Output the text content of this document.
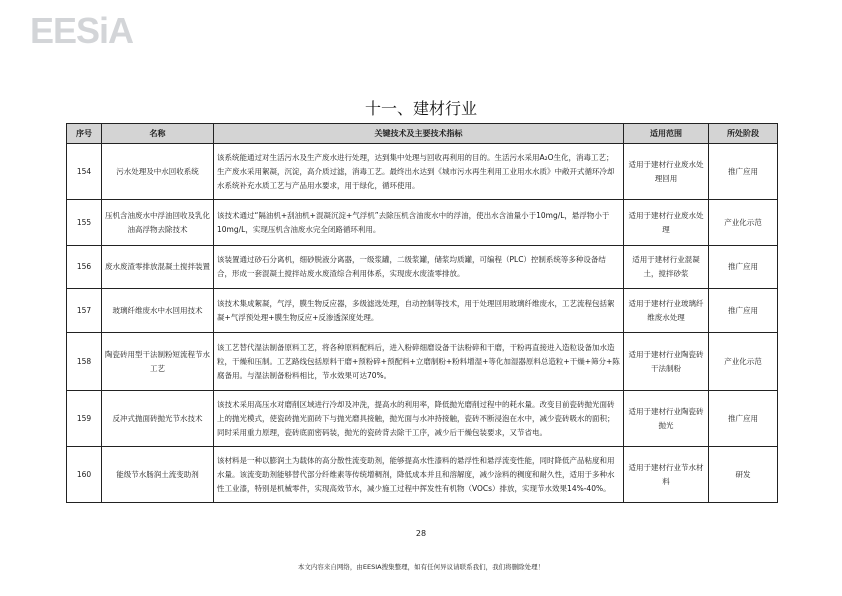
EESiA
十一、建材行业
序号	名称	关键技术及主要技术指标	适用范围	所处阶段
154	污水处理及中水回收系统	该系统能通过对生活污水及生产废水进行处理，达到集中处理与回收再利用的目的。生活污水采用A₂O生化，消毒工艺；生产废水采用絮凝，沉淀，高介质过滤，消毒工艺。最终出水达到《城市污水再生利用工业用水水质》中敞开式循环冷却水系统补充水质工艺与产品用水要求，用于绿化，循环使用。	适用于建材行业废水处理回用	推广应用
155	压机含油废水中浮油回收及乳化油高浮物去除技术	该技术通过“隔油机+刮油机+混凝沉淀+气浮机”去除压机含油废水中的浮油，使出水含油量小于10mg/L，悬浮物小于10mg/L，实现压机含油废水完全闭路循环利用。	适用于建材行业废水处理	产业化示范
156	废水废渣零排放混凝土搅拌装置	该装置通过砂石分离机，细砂脱液分离器，一级浆罐，二级浆罐，储浆均质罐，可编程（PLC）控制系统等多种设备结合，形成一套混凝土搅拌站废水废渣综合利用体系，实现废水废渣零排放。	适用于建材行业混凝土，搅拌砂浆	推广应用
157	玻璃纤维废水中水回用技术	该技术集成絮凝，气浮，膜生物反应器，多级滤选处理，自动控制等技术，用于处理回用玻璃纤维废水，工艺流程包括絮凝+气浮预处理+膜生物反应+反渗透深度处理。	适用于建材行业玻璃纤维废水处理	推广应用
158	陶瓷砖用型干法制粉短流程节水工艺	该工艺替代湿法制备原料工艺，将各种原料配料后，进入粉碎细磨设备干法粉碎和干磨，干粉再直接进入造粒设备加水造粒，干燥和压制。工艺路线包括原料干磨+预粉碎+预配料+立磨制粉+粉料增湿+等化加湿器原料总造粒+干燥+筛分+陈腐备用。与湿法制备粉料相比，节水效果可达70%。	适用于建材行业陶瓷砖干法制粉	产业化示范
159	反冲式抛面砖抛光节水技术	该技术采用高压水对磨削区域进行冷却及冲洗，提高水的利用率，降低抛光磨削过程中的耗水量。改变目前瓷砖抛光面砖上的抛光模式，使瓷砖抛光面砖下与抛光磨具接触，抛光面与水冲持接触，瓷砖不断浸泡在水中，减少瓷砖吸水的面积；同时采用重力原理，瓷砖底面密码装，抛光的瓷砖背去除干工序，减少后干燥包装要求，又节省电。	适用于建材行业陶瓷砖抛光	推广应用
160	能级节水肠润土流变助剂	该材料是一种以膨润土为载体的高分散性流变助剂，能够提高水性漆料的悬浮性和悬浮流变性能，同时降低产品粘度和用水量。该流变助剂能够替代部分纤维素等传统增稠剂，降低成本并且和溶解度，减少涂料的稠度和耐久性，适用于多种水性工业漆，特别是机械零件，实现高效节水，减少施工过程中挥发性有机物（VOCs）排放，实现节水效果14%-40%。	适用于建材行业节水材料	研发
28
本文内容来自网络，由EESIA搜集整理，如有任何异议请联系我们，我们将删除处理！
